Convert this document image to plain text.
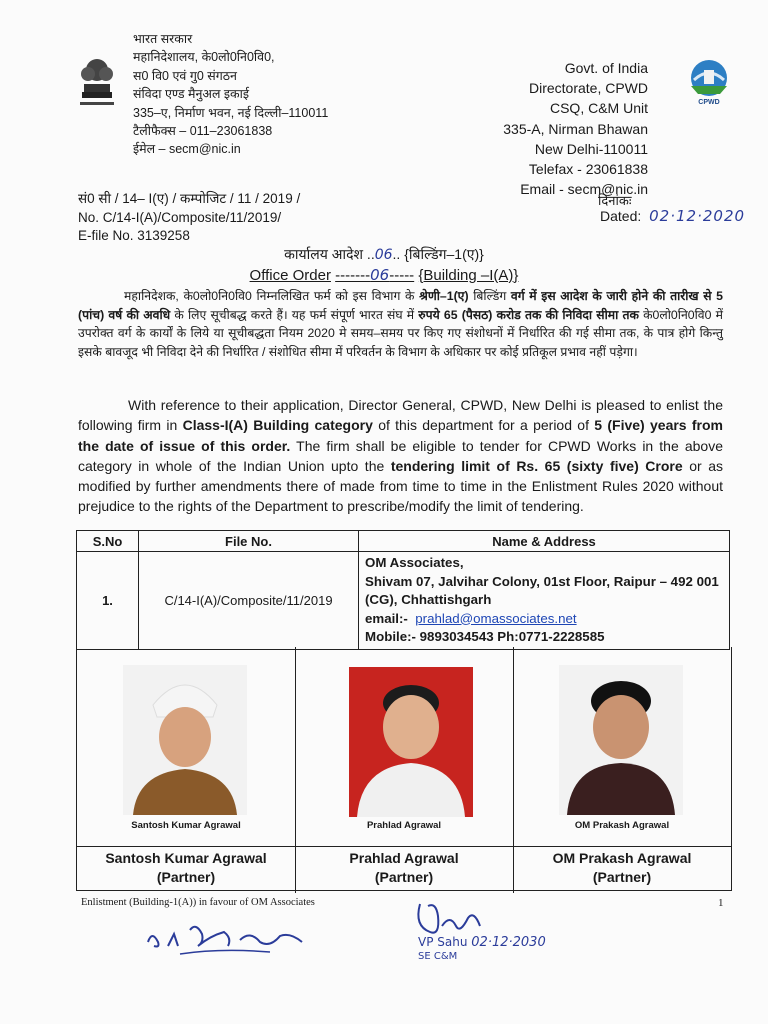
भारत सरकार
महानिदेशालय, के0लो0नि0वि0,
स0 वि0 एवं गु0 संगठन
संविदा एण्ड मैनुअल इकाई
335–ए, निर्माण भवन, नई दिल्ली–110011
टैलीफैक्स – 011–23061838
ईमेल – secm@nic.in
Govt. of India
Directorate, CPWD
CSQ, C&M Unit
335-A, Nirman Bhawan
New Delhi-110011
Telefax - 23061838
Email - secm@nic.in
CPWD
सं0 सी / 14– I(ए) / कम्पोजिट / 11 / 2019 /
No. C/14-I(A)/Composite/11/2019/
E-file No. 3139258
दिनांकः
Dated: 02·12·2020
कार्यालय आदेश ..06.. {बिल्डिंग–1(ए)}
Office Order -------06----- {Building –I(A)}
महानिदेशक, के0लो0नि0वि0 निम्नलिखित फर्म को इस विभाग के श्रेणी–1(ए) बिल्डिंग वर्ग में इस आदेश के जारी होने की तारीख से 5 (पांच) वर्ष की अवधि के लिए सूचीबद्ध करते हैं। यह फर्म संपूर्ण भारत संघ में रुपये 65 (पैसठ) करोड तक की निविदा सीमा तक के0लो0नि0वि0 में उपरोक्त वर्ग के कार्यों के लिये या सूचीबद्धता नियम 2020 मे समय–समय पर किए गए संशोधनों में निर्धारित की गई सीमा तक, के पात्र होगे किन्तु इसके बावजूद भी निविदा देने की निर्धारित / संशोधित सीमा में परिवर्तन के विभाग के अधिकार पर कोई प्रतिकूल प्रभाव नहीं पड़ेगा।
With reference to their application, Director General, CPWD, New Delhi is pleased to enlist the following firm in Class-I(A) Building category of this department for a period of 5 (Five) years from the date of issue of this order. The firm shall be eligible to tender for CPWD Works in the above category in whole of the Indian Union upto the tendering limit of Rs. 65 (sixty five) Crore or as modified by further amendments there of made from time to time in the Enlistment Rules 2020 without prejudice to the rights of the Department to prescribe/modify the limit of tendering.
S.No	File No.	Name & Address
1.	C/14-I(A)/Composite/11/2019	OM Associates,
Shivam 07, Jalvihar Colony, 01st Floor, Raipur – 492 001 (CG), Chhattishgarh
email:- prahlad@omassociates.net
Mobile:- 9893034543 Ph:0771-2228585
Santosh Kumar Agrawal	Prahlad Agrawal	OM Prakash Agrawal
Santosh Kumar Agrawal
(Partner)
Prahlad Agrawal
(Partner)
OM Prakash Agrawal
(Partner)
Enlistment (Building-1(A)) in favour of OM Associates	1
VP Sahu 02·12·2030
SE C&M
